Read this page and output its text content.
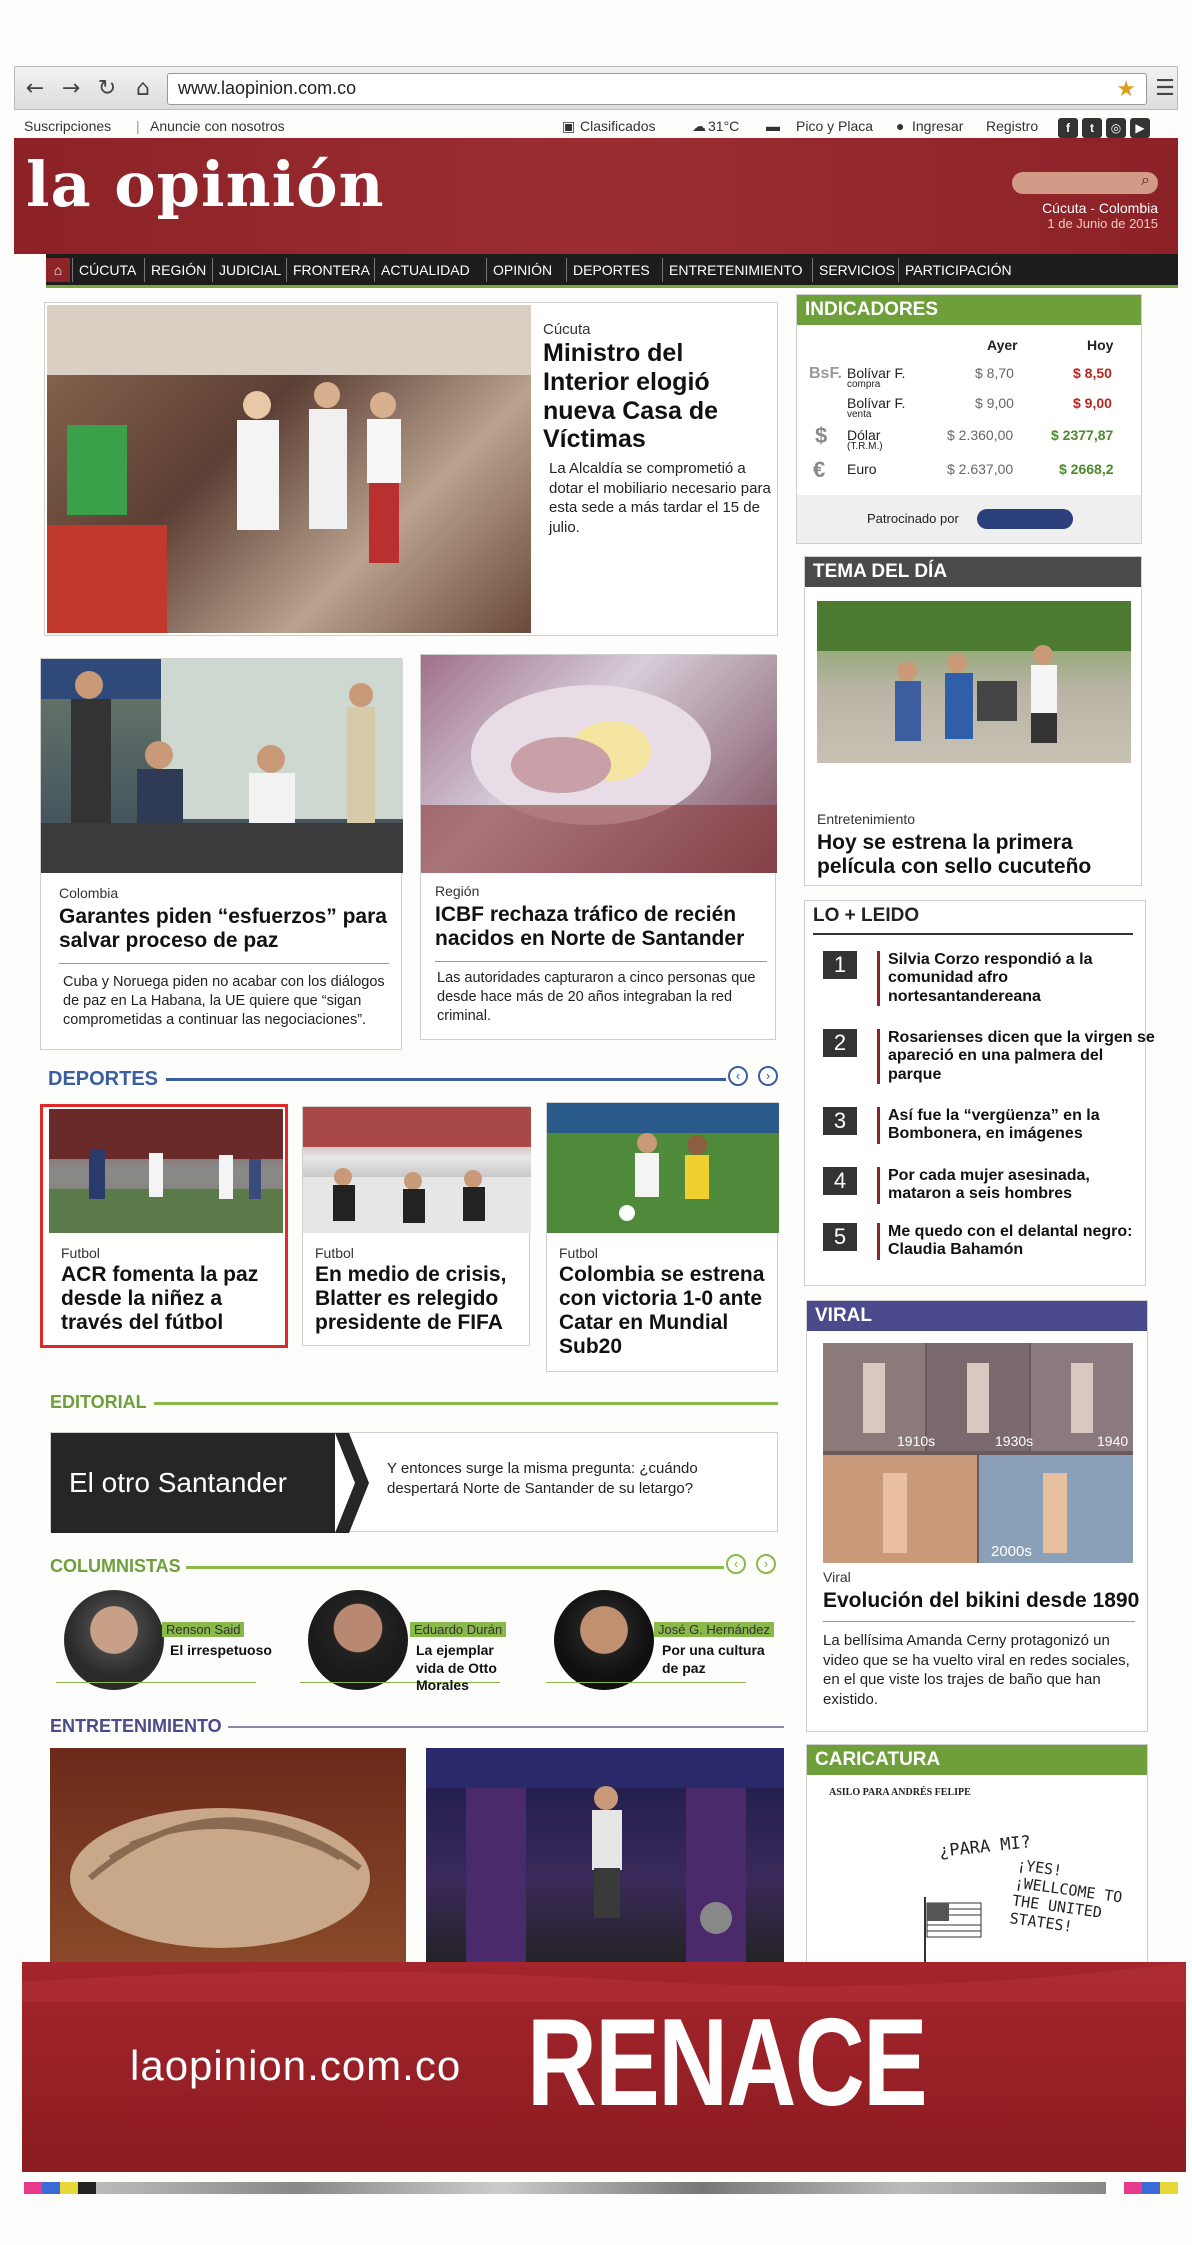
← → ↻ ⌂	www.laopinion.com.co	★ ☰
Suscripciones | Anuncie con nosotros	▣ Clasificados	☁ 31°C ▬ Pico y Placa ● Ingresar Registro	f	t	◎	▶
la opinión	⌕
Cúcuta - Colombia
1 de Junio de 2015
⌂	CÚCUTA	REGIÓN JUDICIAL FRONTERA ACTUALIDAD	OPINIÓN	DEPORTES	ENTRETENIMIENTO	SERVICIOS PARTICIPACIÓN
Cúcuta
Ministro del Interior elogió nueva Casa de Víctimas
La Alcaldía se comprometió a dotar el mobiliario necesario para esta sede a más tardar el 15 de julio.
INDICADORES
Ayer	Hoy
BsF. Bolívar F.
compra
$ 8,70	$ 8,50
Bolívar F.
venta
$ 9,00	$ 9,00
$ Dólar
(T.R.M.)
$ 2.360,00	$ 2377,87
€ Euro	$ 2.637,00	$ 2668,2
Patrocinado por
TEMA DEL DÍA
Entretenimiento
Hoy se estrena la primera película con sello cucuteño
Colombia
Garantes piden “esfuerzos” para salvar proceso de paz
Cuba y Noruega piden no acabar con los diálogos de paz en La Habana, la UE quiere que “sigan comprometidas a continuar las negociaciones”.
Región
ICBF rechaza tráfico de recién nacidos en Norte de Santander
Las autoridades capturaron a cinco personas que desde hace más de 20 años integraban la red criminal.
LO + LEIDO
1	Silvia Corzo respondió a la comunidad afro nortesantandereana
2	Rosarienses dicen que la virgen se apareció en una palmera del parque
3	Así fue la “vergüenza” en la Bombonera, en imágenes
4	Por cada mujer asesinada, mataron a seis hombres
5	Me quedo con el delantal negro: Claudia Bahamón
DEPORTES	‹	›
Futbol
ACR fomenta la paz desde la niñez a través del fútbol
Futbol
En medio de crisis, Blatter es relegido presidente de FIFA
Futbol
Colombia se estrena con victoria 1-0 ante Catar en Mundial Sub20
VIRAL
1910s	1930s	1940
2000s
Viral
Evolución del bikini desde 1890
La bellísima Amanda Cerny protagonizó un video que se ha vuelto viral en redes sociales, en el que viste los trajes de baño que han existido.
EDITORIAL
El otro Santander	Y entonces surge la misma pregunta: ¿cuándo despertará Norte de Santander de su letargo?
COLUMNISTAS	‹	›
Renson Said
El irrespetuoso
Eduardo Durán
La ejemplar vida de Otto Morales
José G. Hernández
Por una cultura de paz
ENTRETENIMIENTO
CARICATURA
ASILO PARA ANDRÉS FELIPE
¿PARA MI?
¡YES! ¡WELLCOME TO THE UNITED STATES!
laopinion.com.co RENACE
